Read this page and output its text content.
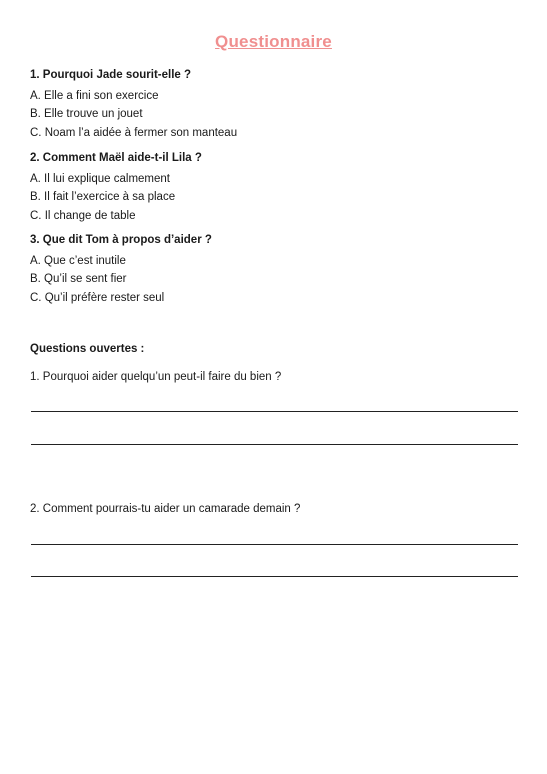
Questionnaire
1. Pourquoi Jade sourit-elle ?
A. Elle a fini son exercice
B. Elle trouve un jouet
C. Noam l’a aidée à fermer son manteau
2. Comment Maël aide-t-il Lila ?
A. Il lui explique calmement
B. Il fait l’exercice à sa place
C. Il change de table
3. Que dit Tom à propos d’aider ?
A. Que c’est inutile
B. Qu’il se sent fier
C. Qu’il préfère rester seul
Questions ouvertes :
1. Pourquoi aider quelqu’un peut-il faire du bien ?
2. Comment pourrais-tu aider un camarade demain ?
